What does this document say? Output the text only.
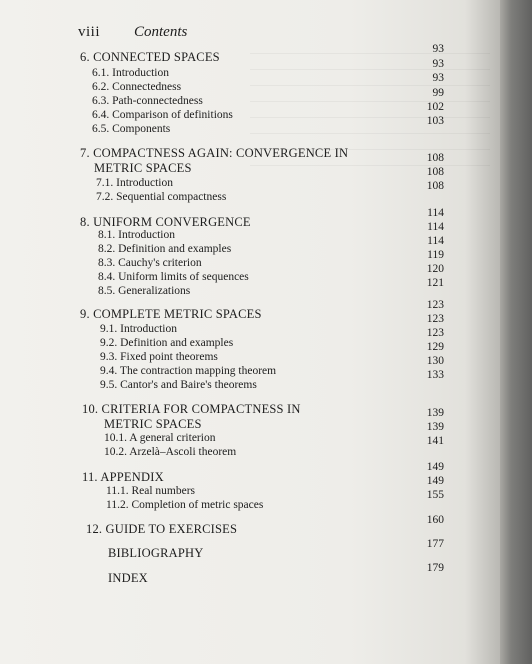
viii Contents
6. CONNECTED SPACES
93
6.1. Introduction
93
6.2. Connectedness
93
6.3. Path-connectedness
99
6.4. Comparison of definitions
102
6.5. Components
103
7. COMPACTNESS AGAIN: CONVERGENCE IN
METRIC SPACES
108
7.1. Introduction
108
7.2. Sequential compactness
108
8. UNIFORM CONVERGENCE
114
8.1. Introduction
114
8.2. Definition and examples
114
8.3. Cauchy's criterion
119
8.4. Uniform limits of sequences
120
8.5. Generalizations
121
9. COMPLETE METRIC SPACES
123
9.1. Introduction
123
9.2. Definition and examples
123
9.3. Fixed point theorems
129
9.4. The contraction mapping theorem
130
9.5. Cantor's and Baire's theorems
133
10. CRITERIA FOR COMPACTNESS IN
METRIC SPACES
139
10.1. A general criterion
139
10.2. Arzelà–Ascoli theorem
141
11. APPENDIX
149
11.1. Real numbers
149
11.2. Completion of metric spaces
155
12. GUIDE TO EXERCISES
160
BIBLIOGRAPHY
177
INDEX
179
